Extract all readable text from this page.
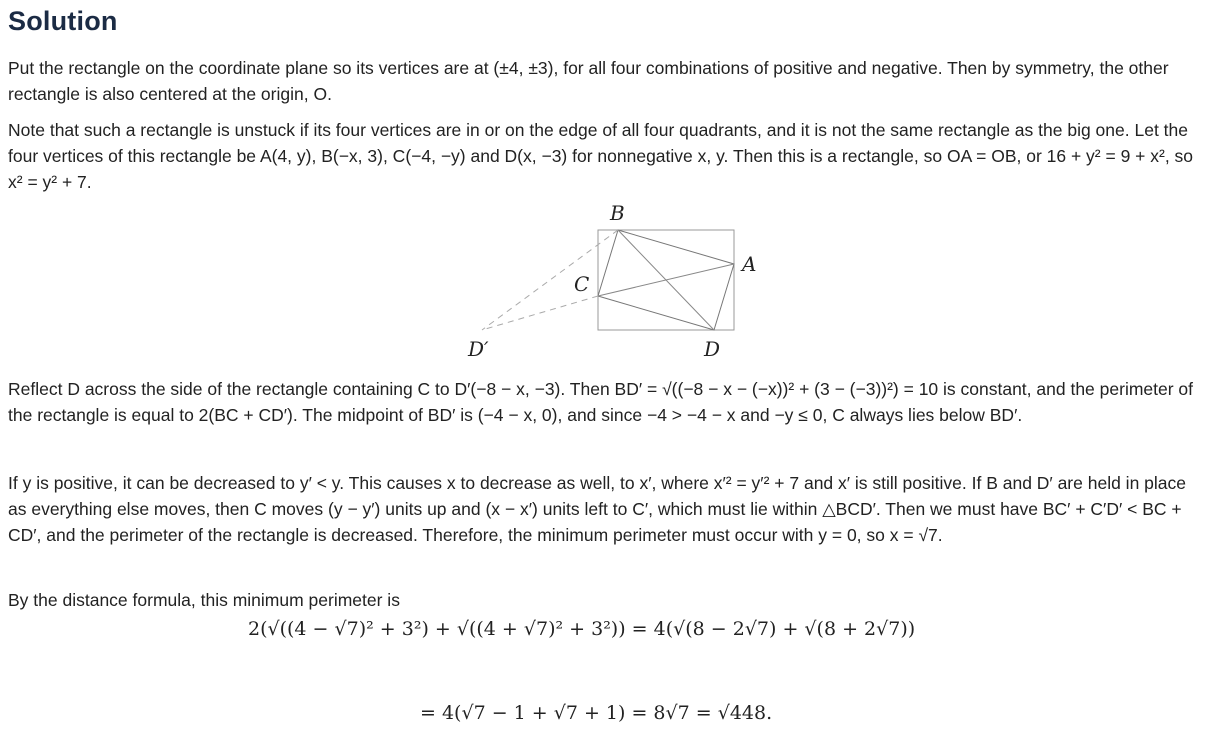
Solution

Put the rectangle on the coordinate plane so its vertices are at (±4, ±3), for all four combinations of positive and negative. Then by symmetry, the other rectangle is also centered at the origin, O.

Note that such a rectangle is unstuck if its four vertices are in or on the edge of all four quadrants, and it is not the same rectangle as the big one. Let the four vertices of this rectangle be A(4, y), B(−x, 3), C(−4, −y) and D(x, −3) for nonnegative x, y. Then this is a rectangle, so OA = OB, or 16 + y² = 9 + x², so x² = y² + 7.

B
A
C
D′	D

Reflect D across the side of the rectangle containing C to D′(−8 − x, −3). Then BD′ = √((−8 − x − (−x))² + (3 − (−3))²) = 10 is constant, and the perimeter of the rectangle is equal to 2(BC + CD′). The midpoint of BD′ is (−4 − x, 0), and since −4 > −4 − x and −y ≤ 0, C always lies below BD′.

If y is positive, it can be decreased to y′ < y. This causes x to decrease as well, to x′, where x′² = y′² + 7 and x′ is still positive. If B and D′ are held in place as everything else moves, then C moves (y − y′) units up and (x − x′) units left to C′, which must lie within △BCD′. Then we must have BC′ + C′D′ < BC + CD′, and the perimeter of the rectangle is decreased. Therefore, the minimum perimeter must occur with y = 0, so x = √7.

By the distance formula, this minimum perimeter is

2(√((4 − √7)² + 3²) + √((4 + √7)² + 3²)) = 4(√(8 − 2√7) + √(8 + 2√7))
= 4(√7 − 1 + √7 + 1) = 8√7 = √448.
